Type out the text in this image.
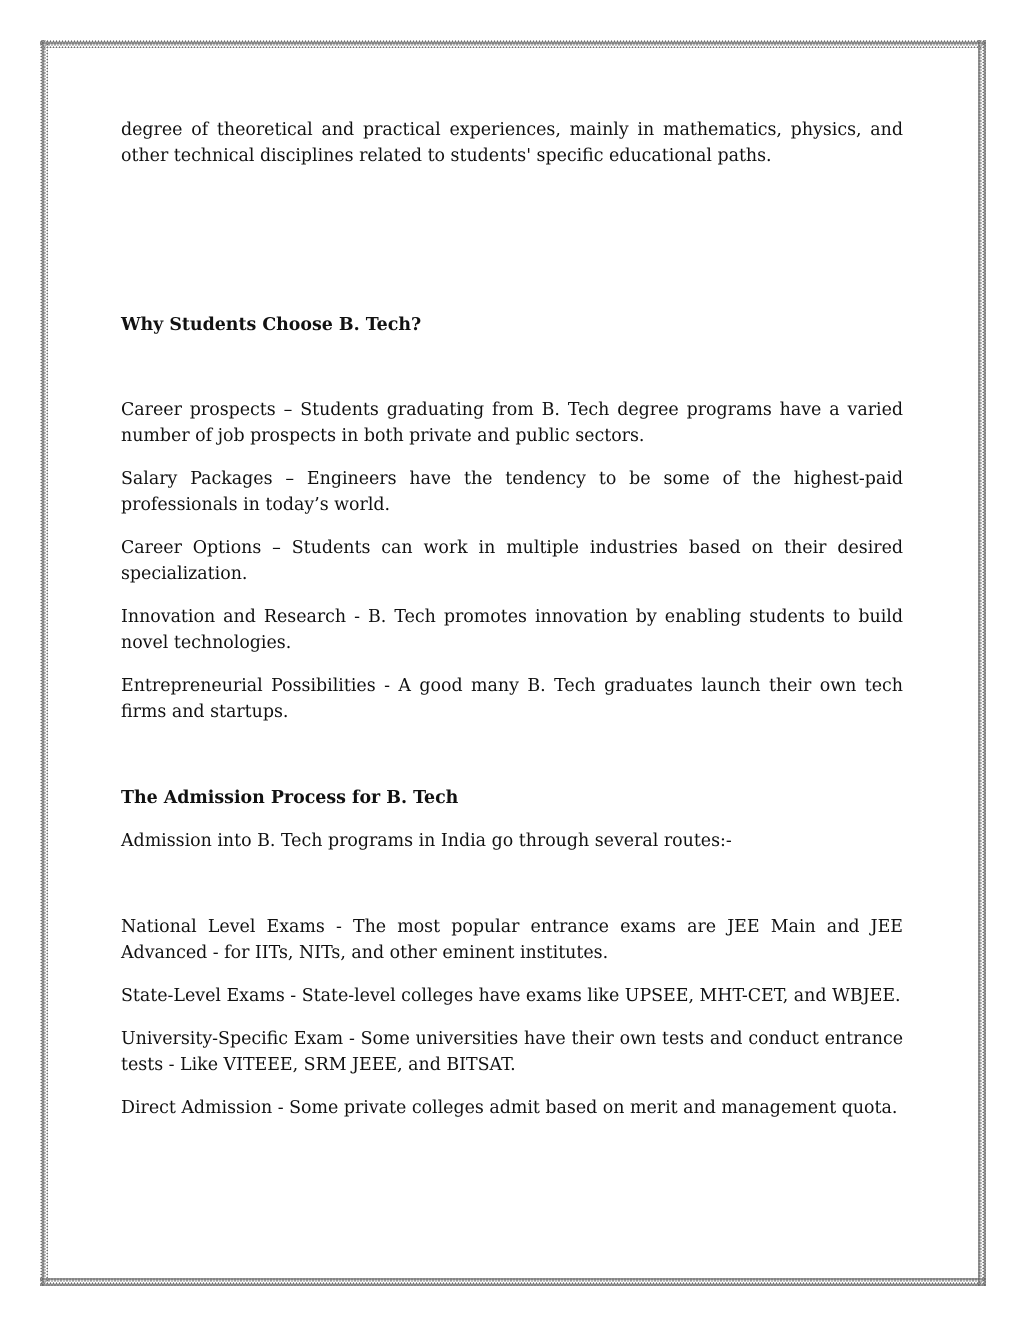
degree of theoretical and practical experiences, mainly in mathematics, physics, and other technical disciplines related to students' specific educational paths.

Why Students Choose B. Tech?

Career prospects – Students graduating from B. Tech degree programs have a varied number of job prospects in both private and public sectors.

Salary Packages – Engineers have the tendency to be some of the highest-paid professionals in today’s world.

Career Options – Students can work in multiple industries based on their desired specialization.

Innovation and Research - B. Tech promotes innovation by enabling students to build novel technologies.

Entrepreneurial Possibilities - A good many B. Tech graduates launch their own tech firms and startups.

The Admission Process for B. Tech

Admission into B. Tech programs in India go through several routes:-

National Level Exams - The most popular entrance exams are JEE Main and JEE Advanced - for IITs, NITs, and other eminent institutes.

State-Level Exams - State-level colleges have exams like UPSEE, MHT-CET, and WBJEE.

University-Specific Exam - Some universities have their own tests and conduct entrance tests - Like VITEEE, SRM JEEE, and BITSAT.

Direct Admission - Some private colleges admit based on merit and management quota.
